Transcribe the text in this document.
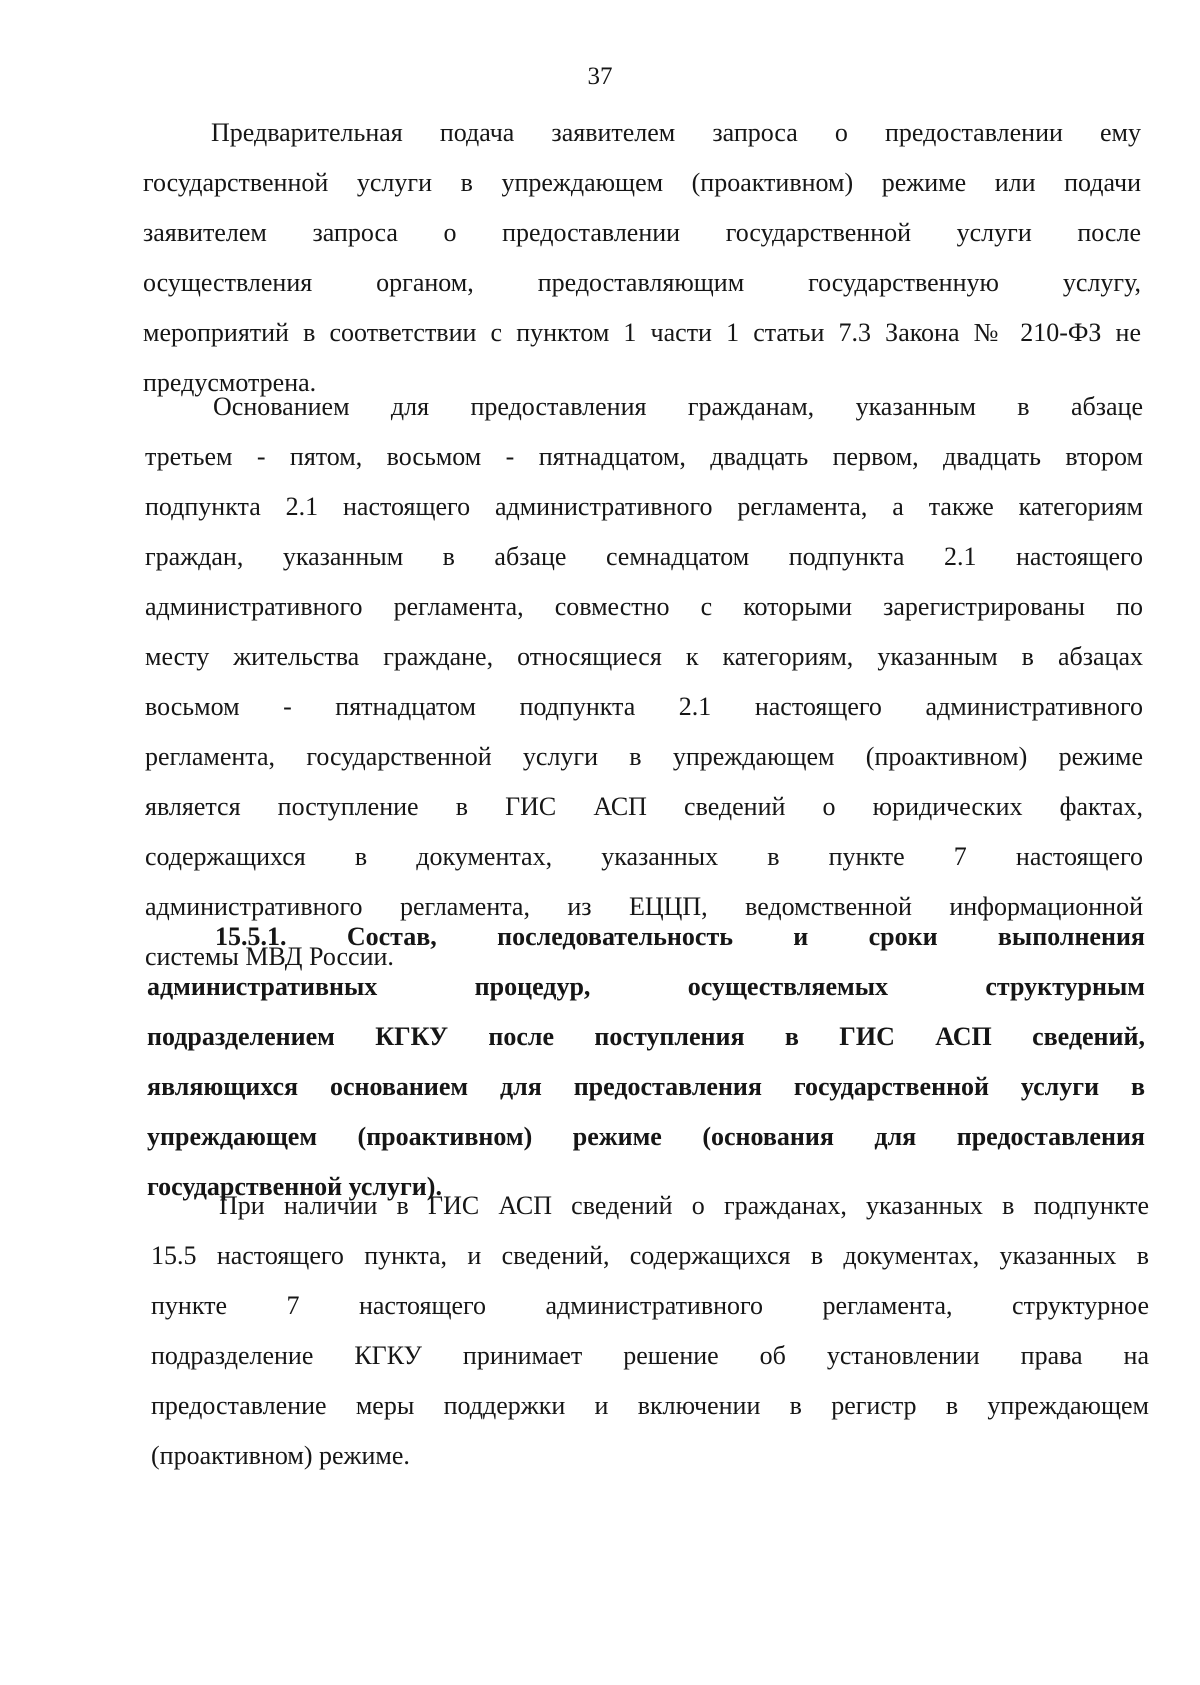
37
Предварительная подача заявителем запроса о предоставлении ему
государственной услуги в упреждающем (проактивном) режиме или подачи
заявителем запроса о предоставлении государственной услуги после
осуществления органом, предоставляющим государственную услугу,
мероприятий в соответствии с пунктом 1 части 1 статьи 7.3 Закона № 210-ФЗ не
предусмотрена.
Основанием для предоставления гражданам, указанным в абзаце
третьем - пятом, восьмом - пятнадцатом, двадцать первом, двадцать втором
подпункта 2.1 настоящего административного регламента, а также категориям
граждан, указанным в абзаце семнадцатом подпункта 2.1 настоящего
административного регламента, совместно с которыми зарегистрированы по
месту жительства граждане, относящиеся к категориям, указанным в абзацах
восьмом - пятнадцатом подпункта 2.1 настоящего административного
регламента, государственной услуги в упреждающем (проактивном) режиме
является поступление в ГИС АСП сведений о юридических фактах,
содержащихся в документах, указанных в пункте 7 настоящего
административного регламента, из ЕЦЦП, ведомственной информационной
системы МВД России.
15.5.1. Состав, последовательность и сроки выполнения
административных процедур, осуществляемых структурным
подразделением КГКУ после поступления в ГИС АСП сведений,
являющихся основанием для предоставления государственной услуги в
упреждающем (проактивном) режиме (основания для предоставления
государственной услуги).
При наличии в ГИС АСП сведений о гражданах, указанных в подпункте
15.5 настоящего пункта, и сведений, содержащихся в документах, указанных в
пункте 7 настоящего административного регламента, структурное
подразделение КГКУ принимает решение об установлении права на
предоставление меры поддержки и включении в регистр в упреждающем
(проактивном) режиме.
